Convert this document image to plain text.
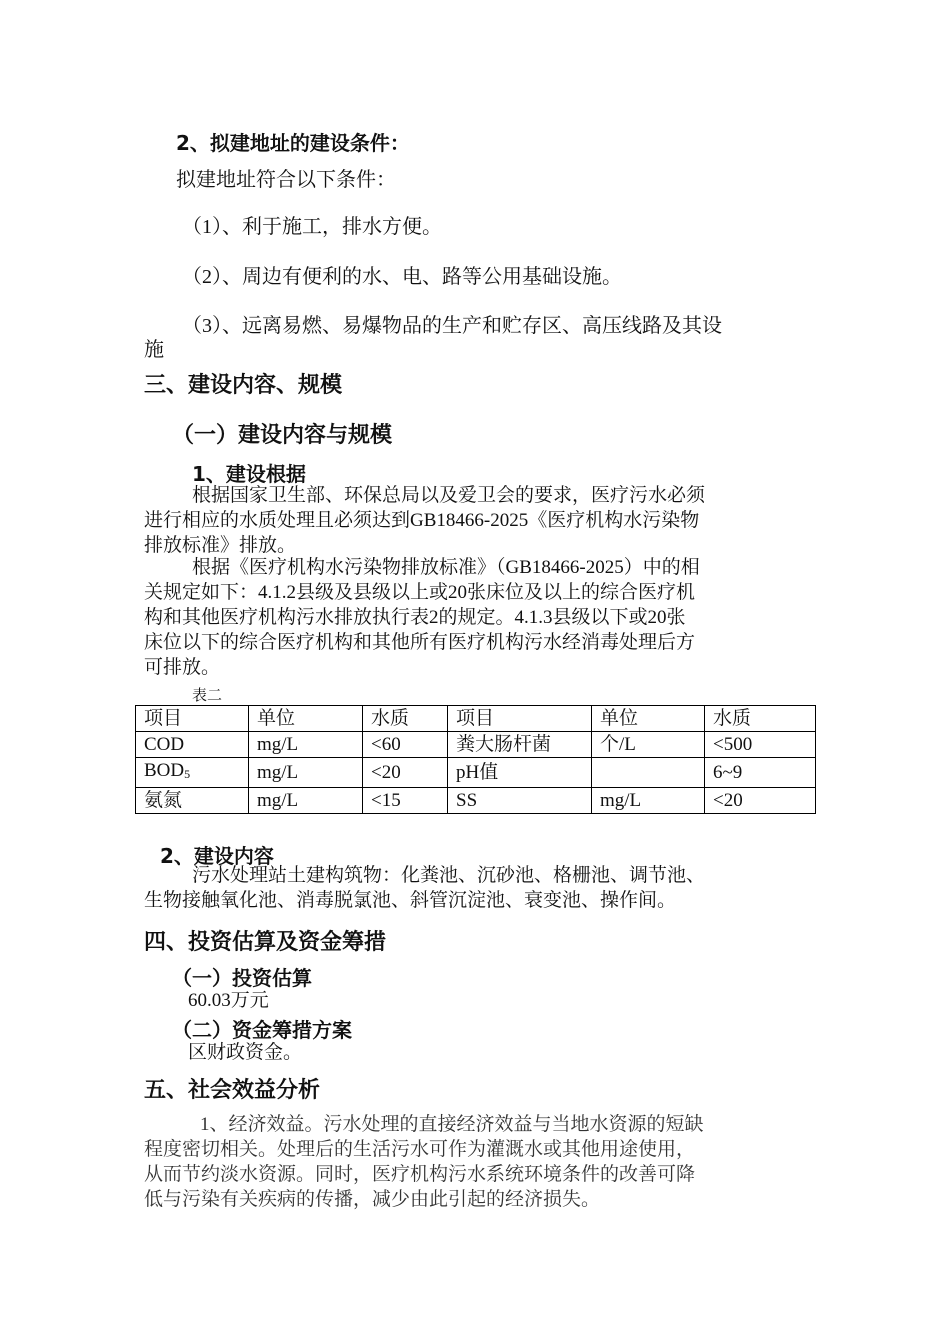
2、拟建地址的建设条件：
拟建地址符合以下条件：
（1）、利于施工，排水方便。
（2）、周边有便利的水、电、路等公用基础设施。
（3）、远离易燃、易爆物品的生产和贮存区、高压线路及其设
施
三、建设内容、规模
（一）建设内容与规模
1、建设根据
根据国家卫生部、环保总局以及爱卫会的要求，医疗污水必须
进行相应的水质处理且必须达到GB18466-2025《医疗机构水污染物
排放标准》排放。
根据《医疗机构水污染物排放标准》（GB18466-2025）中的相
关规定如下：4.1.2县级及县级以上或20张床位及以上的综合医疗机
构和其他医疗机构污水排放执行表2的规定。4.1.3县级以下或20张
床位以下的综合医疗机构和其他所有医疗机构污水经消毒处理后方
可排放。
表二
项目	单位	水质	项目	单位	水质
COD	mg/L	<60	粪大肠杆菌	个/L	<500
$BOD_5$	mg/L	<20	pH值		6~9
氨氮	mg/L	<15	SS	mg/L	<20
2、建设内容
污水处理站土建构筑物：化粪池、沉砂池、格栅池、调节池、
生物接触氧化池、消毒脱氯池、斜管沉淀池、衰变池、操作间。
四、投资估算及资金筹措
（一）投资估算
60.03万元
（二）资金筹措方案
区财政资金。
五、社会效益分析
1、经济效益。污水处理的直接经济效益与当地水资源的短缺
程度密切相关。处理后的生活污水可作为灌溉水或其他用途使用，
从而节约淡水资源。同时，医疗机构污水系统环境条件的改善可降
低与污染有关疾病的传播，减少由此引起的经济损失。
